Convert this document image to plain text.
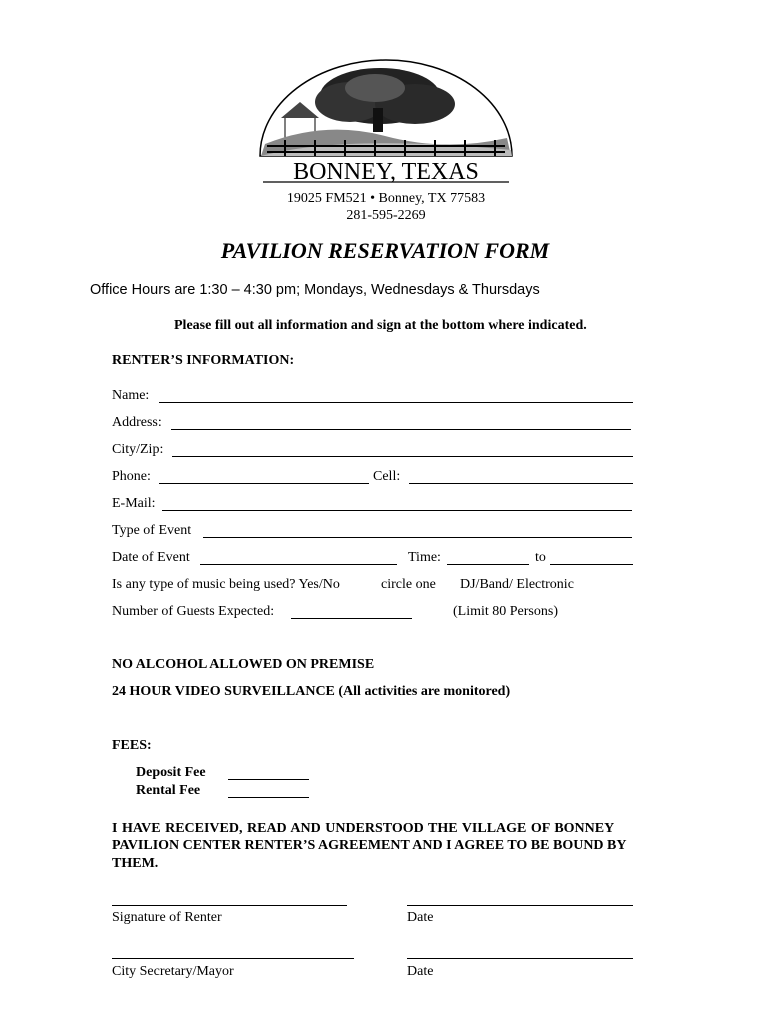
BONNEY, TEXAS
19025 FM521 • Bonney, TX 77583
281-595-2269
PAVILION RESERVATION FORM
Office Hours are 1:30 – 4:30 pm; Mondays, Wednesdays & Thursdays
Please fill out all information and sign at the bottom where indicated.
RENTER’S INFORMATION:
Name:
Address:
City/Zip:
Phone:	Cell:
E-Mail:
Type of Event
Date of Event	Time:	to
Is any type of music being used? Yes/No	circle one DJ/Band/ Electronic
Number of Guests Expected:	(Limit 80 Persons)
NO ALCOHOL ALLOWED ON PREMISE
24 HOUR VIDEO SURVEILLANCE (All activities are monitored)
FEES:
Deposit Fee
Rental Fee
I HAVE RECEIVED, READ AND UNDERSTOOD THE VILLAGE OF BONNEY
PAVILION CENTER RENTER’S AGREEMENT AND I AGREE TO BE BOUND BY
THEM.
Signature of Renter	Date
City Secretary/Mayor	Date
